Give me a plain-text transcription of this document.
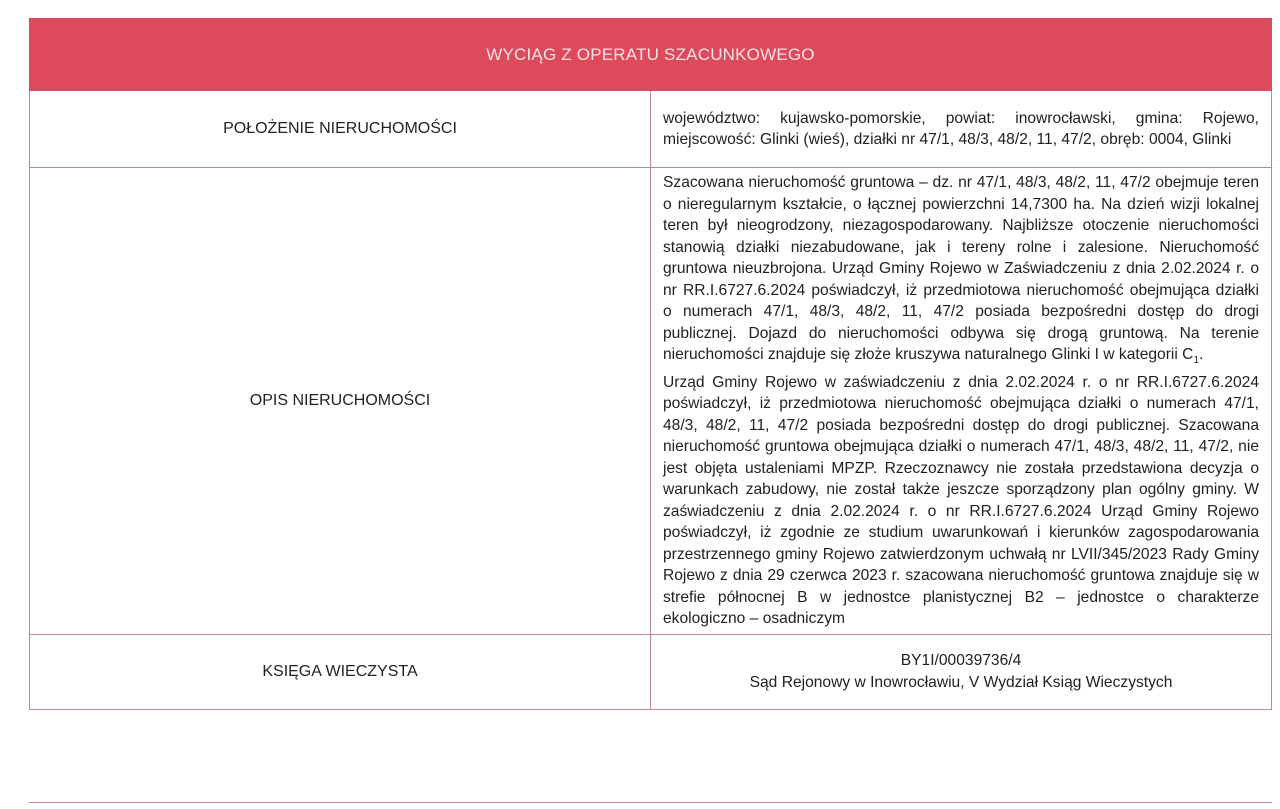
WYCIĄG Z OPERATU SZACUNKOWEGO	
POŁOŻENIE NIERUCHOMOŚCI	województwo: kujawsko-pomorskie, powiat: inowrocławski, gmina: Rojewo, miejscowość: Glinki (wieś), działki nr 47/1, 48/3, 48/2, 11, 47/2, obręb: 0004, Glinki
OPIS NIERUCHOMOŚCI	Szacowana nieruchomość gruntowa – dz. nr 47/1, 48/3, 48/2, 11, 47/2 obejmuje teren o nieregularnym kształcie, o łącznej powierzchni 14,7300 ha. Na dzień wizji lokalnej teren był nieogrodzony, niezagospodarowany. Najbliższe otoczenie nieruchomości stanowią działki niezabudowane, jak i tereny rolne i zalesione. Nieruchomość gruntowa nieuzbrojona. Urząd Gminy Rojewo w Zaświadczeniu z dnia 2.02.2024 r. o nr RR.I.6727.6.2024 poświadczył, iż przedmiotowa nieruchomość obejmująca działki o numerach 47/1, 48/3, 48/2, 11, 47/2 posiada bezpośredni dostęp do drogi publicznej. Dojazd do nieruchomości odbywa się drogą gruntową. Na terenie nieruchomości znajduje się złoże kruszywa naturalnego Glinki I w kategorii $C_1$.

Urząd Gminy Rojewo w zaświadczeniu z dnia 2.02.2024 r. o nr RR.I.6727.6.2024 poświadczył, iż przedmiotowa nieruchomość obejmująca działki o numerach 47/1, 48/3, 48/2, 11, 47/2 posiada bezpośredni dostęp do drogi publicznej. Szacowana nieruchomość gruntowa obejmująca działki o numerach 47/1, 48/3, 48/2, 11, 47/2, nie jest objęta ustaleniami MPZP. Rzeczoznawcy nie została przedstawiona decyzja o warunkach zabudowy, nie został także jeszcze sporządzony plan ogólny gminy. W zaświadczeniu z dnia 2.02.2024 r. o nr RR.I.6727.6.2024 Urząd Gminy Rojewo poświadczył, iż zgodnie ze studium uwarunkowań i kierunków zagospodarowania przestrzennego gminy Rojewo zatwierdzonym uchwałą nr LVII/345/2023 Rady Gminy Rojewo z dnia 29 czerwca 2023 r. szacowana nieruchomość gruntowa znajduje się w strefie północnej B w jednostce planistycznej B2 – jednostce o charakterze ekologiczno – osadniczym

KSIĘGA WIECZYSTA	BY1I/00039736/4
Sąd Rejonowy w Inowrocławiu, V Wydział Ksiąg Wieczystych
